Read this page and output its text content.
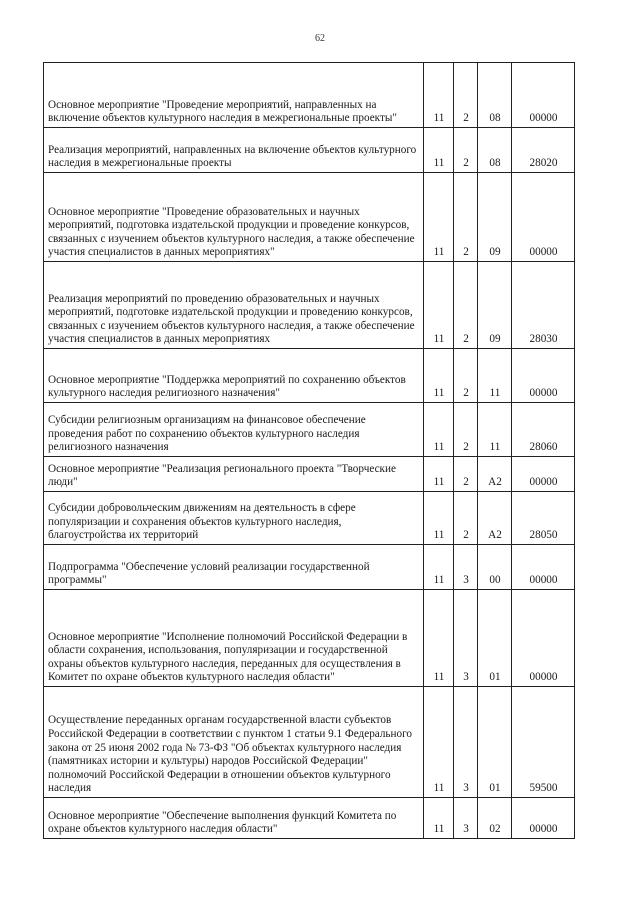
62
Основное мероприятие "Проведение мероприятий, направленных на включение объектов культурного наследия в межрегиональные проекты"	11	2	08	00000
Реализация мероприятий, направленных на включение объектов культурного наследия в межрегиональные проекты	11	2	08	28020
Основное мероприятие "Проведение образовательных и научных мероприятий, подготовка издательской продукции и проведение конкурсов, связанных с изучением объектов культурного наследия, а также обеспечение участия специалистов в данных мероприятиях"	11	2	09	00000
Реализация мероприятий по проведению образовательных и научных мероприятий, подготовке издательской продукции и проведению конкурсов, связанных с изучением объектов культурного наследия, а также обеспечение участия специалистов в данных мероприятиях	11	2	09	28030
Основное мероприятие "Поддержка мероприятий по сохранению объектов культурного наследия религиозного назначения"	11	2	11	00000
Субсидии религиозным организациям на финансовое обеспечение проведения работ по сохранению объектов культурного наследия религиозного назначения	11	2	11	28060
Основное мероприятие "Реализация регионального проекта "Творческие люди"	11	2	А2	00000
Субсидии добровольческим движениям на деятельность в сфере популяризации и сохранения объектов культурного наследия, благоустройства их территорий	11	2	А2	28050
Подпрограмма "Обеспечение условий реализации государственной программы"	11	3	00	00000
Основное мероприятие "Исполнение полномочий Российской Федерации в области сохранения, использования, популяризации и государственной охраны объектов культурного наследия, переданных для осуществления в Комитет по охране объектов культурного наследия области"	11	3	01	00000
Осуществление переданных органам государственной власти субъектов Российской Федерации в соответствии с пунктом 1 статьи 9.1 Федерального закона от 25 июня 2002 года № 73-ФЗ "Об объектах культурного наследия (памятниках истории и культуры) народов Российской Федерации" полномочий Российской Федерации в отношении объектов культурного наследия	11	3	01	59500
Основное мероприятие "Обеспечение выполнения функций Комитета по охране объектов культурного наследия области"	11	3	02	00000
